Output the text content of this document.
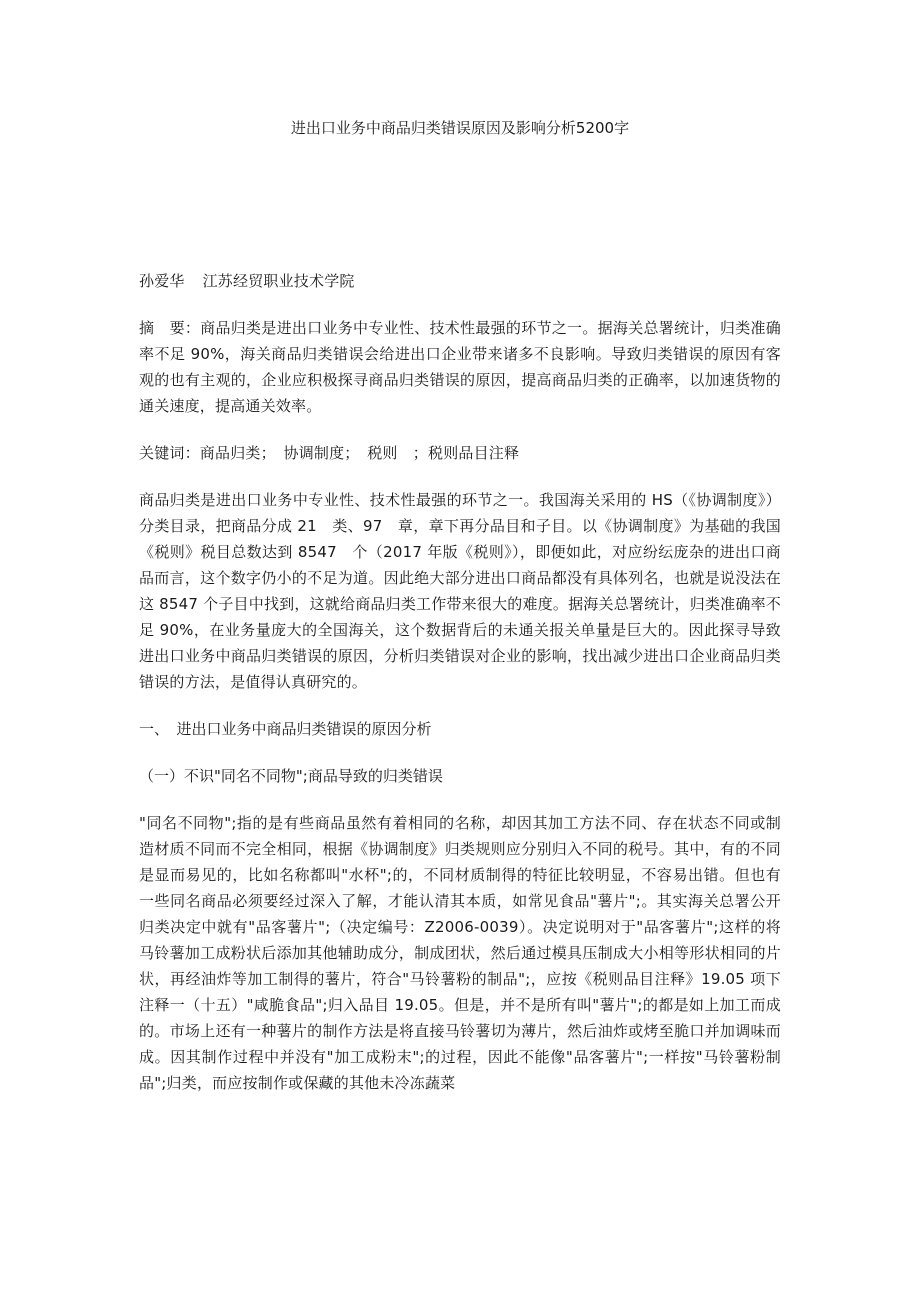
进出口业务中商品归类错误原因及影响分析5200字

孙爱华 江苏经贸职业技术学院

摘　要：商品归类是进出口业务中专业性、技术性最强的环节之一。据海关总署统计，归类准确率不足 90%，海关商品归类错误会给进出口企业带来诸多不良影响。导致归类错误的原因有客观的也有主观的，企业应积极探寻商品归类错误的原因，提高商品归类的正确率，以加速货物的通关速度，提高通关效率。

关键词：商品归类；　协调制度；　税则　；税则品目注释

商品归类是进出口业务中专业性、技术性最强的环节之一。我国海关采用的 HS（《协调制度》）分类目录，把商品分成 21　类、97　章，章下再分品目和子目。以《协调制度》为基础的我国《税则》税目总数达到 8547　个（2017 年版《税则》），即便如此，对应纷纭庞杂的进出口商品而言，这个数字仍小的不足为道。因此绝大部分进出口商品都没有具体列名，也就是说没法在这 8547 个子目中找到，这就给商品归类工作带来很大的难度。据海关总署统计，归类准确率不足 90%，在业务量庞大的全国海关，这个数据背后的未通关报关单量是巨大的。因此探寻导致进出口业务中商品归类错误的原因，分析归类错误对企业的影响，找出减少进出口企业商品归类错误的方法，是值得认真研究的。

一、　进出口业务中商品归类错误的原因分析

（一）不识"同名不同物";商品导致的归类错误

"同名不同物";指的是有些商品虽然有着相同的名称，却因其加工方法不同、存在状态不同或制造材质不同而不完全相同，根据《协调制度》归类规则应分别归入不同的税号。其中，有的不同是显而易见的，比如名称都叫"水杯";的，不同材质制得的特征比较明显，不容易出错。但也有一些同名商品必须要经过深入了解，才能认清其本质，如常见食品"薯片";。其实海关总署公开归类决定中就有"品客薯片";（决定编号：Z2006-0039）。决定说明对于"品客薯片";这样的将马铃薯加工成粉状后添加其他辅助成分，制成团状，然后通过模具压制成大小相等形状相同的片状，再经油炸等加工制得的薯片，符合"马铃薯粉的制品";，应按《税则品目注释》19.05 项下注释一（十五）"咸脆食品";归入品目 19.05。但是，并不是所有叫"薯片";的都是如上加工而成的。市场上还有一种薯片的制作方法是将直接马铃薯切为薄片，然后油炸或烤至脆口并加调味而成。因其制作过程中并没有"加工成粉末";的过程，因此不能像"品客薯片";一样按"马铃薯粉制品";归类，而应按制作或保藏的其他未冷冻蔬菜
